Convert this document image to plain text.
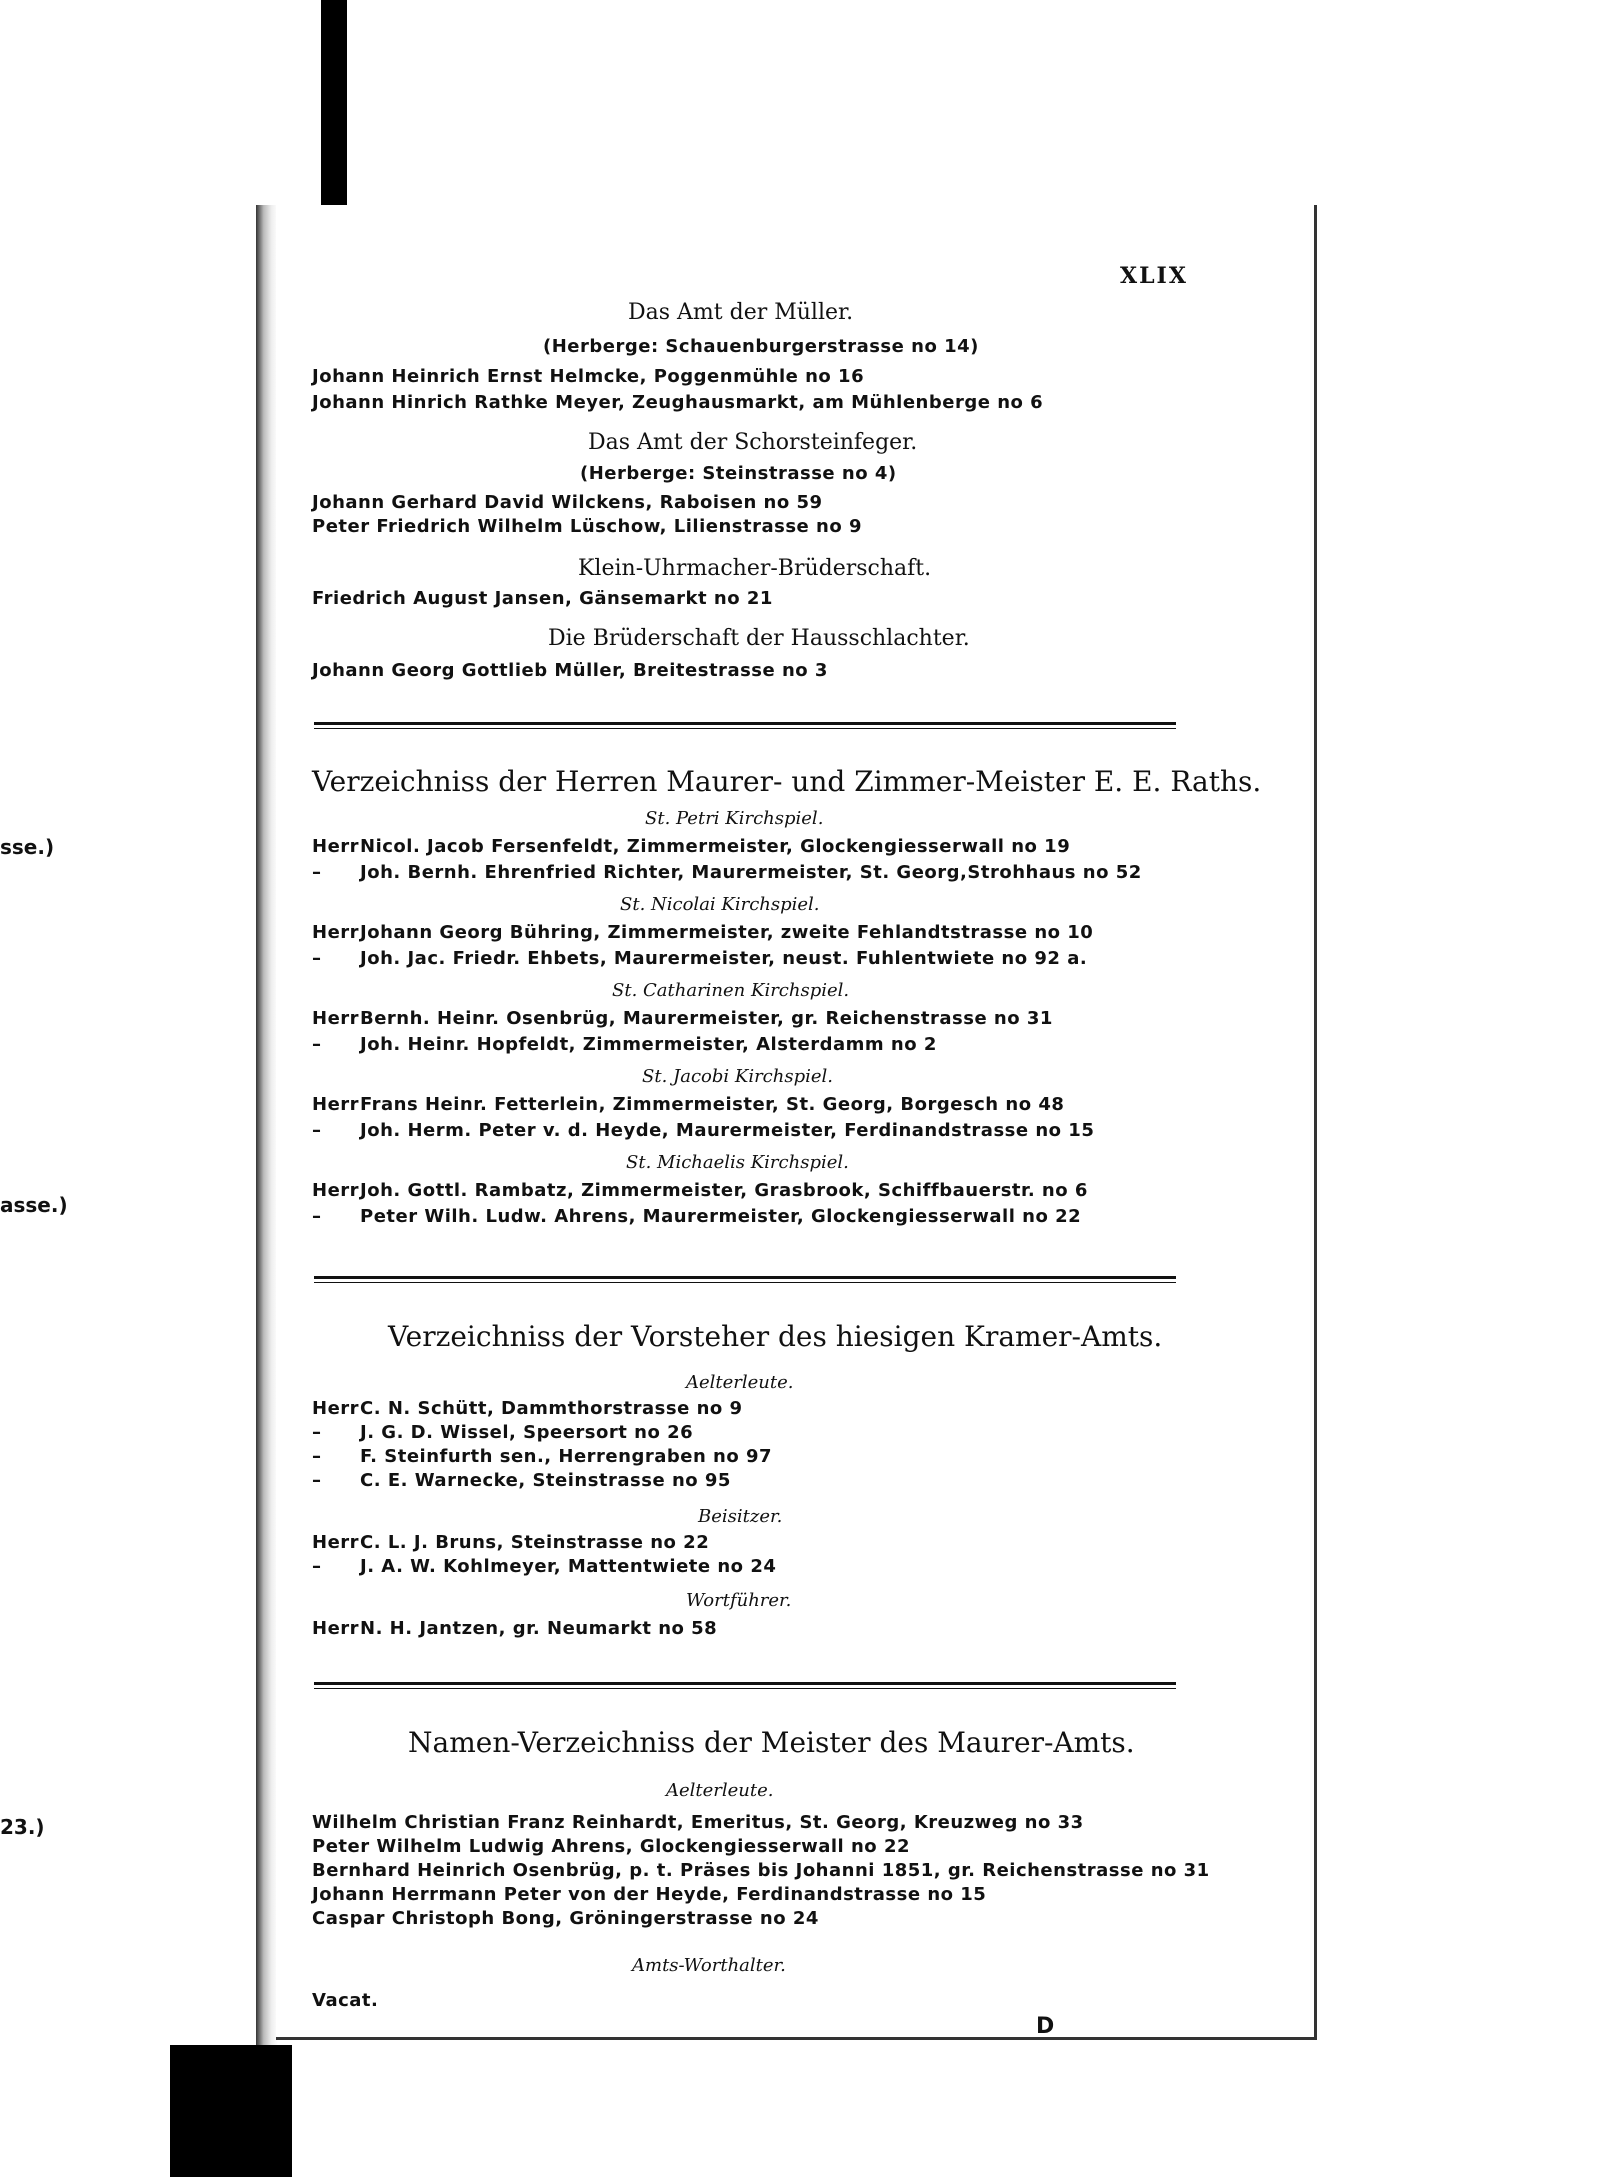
sse.)
asse.)
23.)
XLIX
Das Amt der Müller.
(Herberge: Schauenburgerstrasse no 14)
Johann Heinrich Ernst Helmcke, Poggenmühle no 16
Johann Hinrich Rathke Meyer, Zeughausmarkt, am Mühlenberge no 6
Das Amt der Schorsteinfeger.
(Herberge: Steinstrasse no 4)
Johann Gerhard David Wilckens, Raboisen no 59
Peter Friedrich Wilhelm Lüschow, Lilienstrasse no 9
Klein-Uhrmacher-Brüderschaft.
Friedrich August Jansen, Gänsemarkt no 21
Die Brüderschaft der Hausschlachter.
Johann Georg Gottlieb Müller, Breitestrasse no 3
Verzeichniss der Herren Maurer- und Zimmer-Meister E. E. Raths.
St. Petri Kirchspiel.
HerrNicol. Jacob Fersenfeldt, Zimmermeister, Glockengiesserwall no 19
– Joh. Bernh. Ehrenfried Richter, Maurermeister, St. Georg,Strohhaus no 52
St. Nicolai Kirchspiel.
HerrJohann Georg Bühring, Zimmermeister, zweite Fehlandtstrasse no 10
– Joh. Jac. Friedr. Ehbets, Maurermeister, neust. Fuhlentwiete no 92 a.
St. Catharinen Kirchspiel.
HerrBernh. Heinr. Osenbrüg, Maurermeister, gr. Reichenstrasse no 31
– Joh. Heinr. Hopfeldt, Zimmermeister, Alsterdamm no 2
St. Jacobi Kirchspiel.
HerrFrans Heinr. Fetterlein, Zimmermeister, St. Georg, Borgesch no 48
– Joh. Herm. Peter v. d. Heyde, Maurermeister, Ferdinandstrasse no 15
St. Michaelis Kirchspiel.
HerrJoh. Gottl. Rambatz, Zimmermeister, Grasbrook, Schiffbauerstr. no 6
– Peter Wilh. Ludw. Ahrens, Maurermeister, Glockengiesserwall no 22
Verzeichniss der Vorsteher des hiesigen Kramer-Amts.
Aelterleute.
HerrC. N. Schütt, Dammthorstrasse no 9
– J. G. D. Wissel, Speersort no 26
– F. Steinfurth sen., Herrengraben no 97
– C. E. Warnecke, Steinstrasse no 95
Beisitzer.
HerrC. L. J. Bruns, Steinstrasse no 22
– J. A. W. Kohlmeyer, Mattentwiete no 24
Wortführer.
HerrN. H. Jantzen, gr. Neumarkt no 58
Namen-Verzeichniss der Meister des Maurer-Amts.
Aelterleute.
Wilhelm Christian Franz Reinhardt, Emeritus, St. Georg, Kreuzweg no 33
Peter Wilhelm Ludwig Ahrens, Glockengiesserwall no 22
Bernhard Heinrich Osenbrüg, p. t. Präses bis Johanni 1851, gr. Reichenstrasse no 31
Johann Herrmann Peter von der Heyde, Ferdinandstrasse no 15
Caspar Christoph Bong, Gröningerstrasse no 24
Amts-Worthalter.
Vacat.
D
